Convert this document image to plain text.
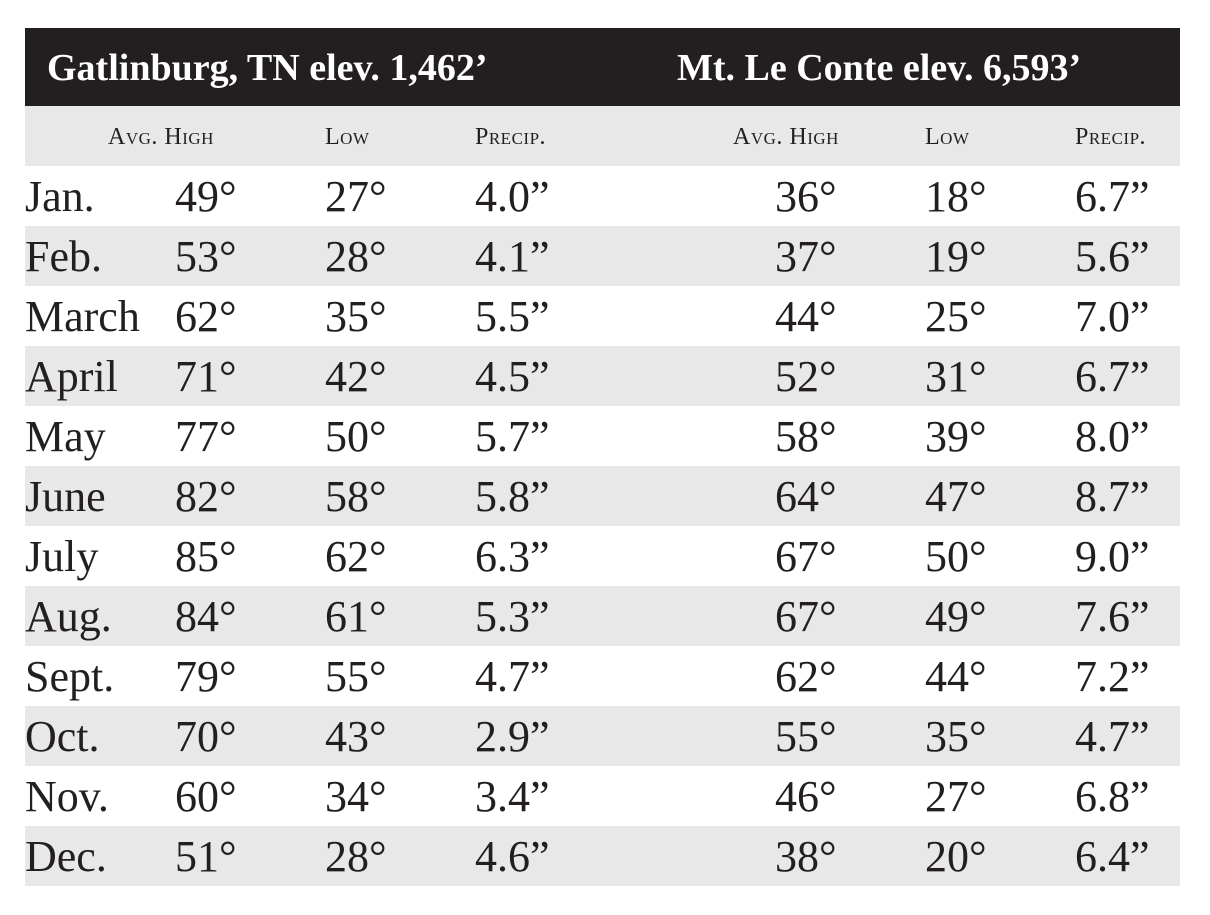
Gatlinburg, TN elev. 1,462’	Mt. Le Conte elev. 6,593’
Avg. High	Low	Precip.	Avg. High	Low	Precip.
Jan. 49° 27° 4.0”	36° 18° 6.7”
Feb. 53° 28° 4.1”	37° 19° 5.6”
March 62° 35° 5.5”	44° 25° 7.0”
April 71° 42° 4.5”	52° 31° 6.7”
May 77° 50° 5.7”	58° 39° 8.0”
June 82° 58° 5.8”	64° 47° 8.7”
July 85° 62° 6.3”	67° 50° 9.0”
Aug. 84° 61° 5.3”	67° 49° 7.6”
Sept. 79° 55° 4.7”	62° 44° 7.2”
Oct. 70° 43° 2.9”	55° 35° 4.7”
Nov. 60° 34° 3.4”	46° 27° 6.8”
Dec. 51° 28° 4.6”	38° 20° 6.4”
